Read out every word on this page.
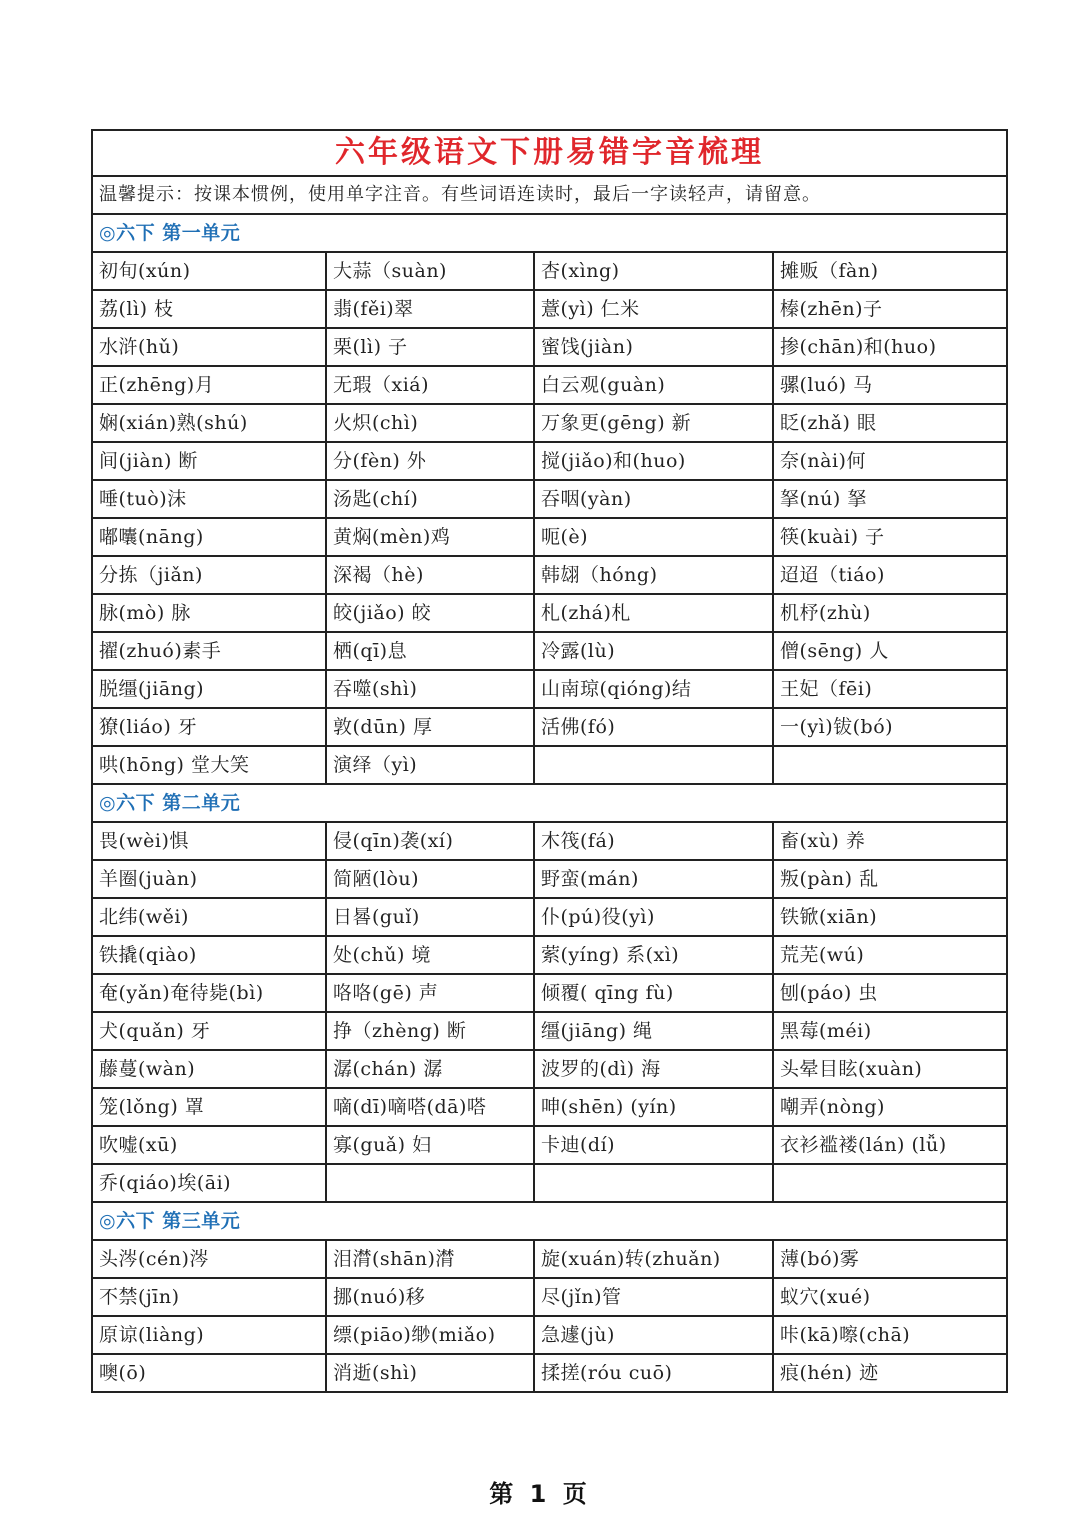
六年级语文下册易错字音梳理			
温馨提示：按课本惯例，使用单字注音。有些词语连读时，最后一字读轻声，请留意。			
◎六下 第一单元			
初旬(xún)	大蒜（suàn)	杏(xìng)	摊贩（fàn)
荔(lì) 枝	翡(fěi)翠	薏(yì) 仁米	榛(zhēn)子
水浒(hǔ)	栗(lì) 子	蜜饯(jiàn)	掺(chān)和(huo)
正(zhēng)月	无瑕（xiá)	白云观(guàn)	骡(luó) 马
娴(xián)熟(shú)	火炽(chì)	万象更(gēng) 新	眨(zhǎ) 眼
间(jiàn) 断	分(fèn) 外	搅(jiǎo)和(huo)	奈(nài)何
唾(tuò)沫	汤匙(chí)	吞咽(yàn)	拏(nú) 拏
嘟囔(nāng)	黄焖(mèn)鸡	呃(è)	筷(kuài) 子
分拣（jiǎn)	深褐（hè)	韩翃（hóng)	迢迢（tiáo)
脉(mò) 脉	皎(jiǎo) 皎	札(zhá)札	机杼(zhù)
擢(zhuó)素手	栖(qī)息	冷露(lù)	僧(sēng) 人
脱缰(jiāng)	吞噬(shì)	山南琼(qióng)结	王妃（fēi)
獠(liáo) 牙	敦(dūn) 厚	活佛(fó)	一(yì)钹(bó)
哄(hōng) 堂大笑	演绎（yì)		
◎六下 第二单元			
畏(wèi)惧	侵(qīn)袭(xí)	木筏(fá)	畜(xù) 养
羊圈(juàn)	简陋(lòu)	野蛮(mán)	叛(pàn) 乱
北纬(wěi)	日晷(guǐ)	仆(pú)役(yì)	铁锨(xiān)
铁撬(qiào)	处(chǔ) 境	萦(yíng) 系(xì)	荒芜(wú)
奄(yǎn)奄待毙(bì)	咯咯(gē) 声	倾覆( qīng fù)	刨(páo) 虫
犬(quǎn) 牙	挣（zhèng) 断	缰(jiāng) 绳	黑莓(méi)
藤蔓(wàn)	潺(chán) 潺	波罗的(dì) 海	头晕目眩(xuàn)
笼(lǒng) 罩	嘀(dī)嘀嗒(dā)嗒	呻(shēn) (yín)	嘲弄(nòng)
吹嘘(xū)	寡(guǎ) 妇	卡迪(dí)	衣衫褴褛(lán) (lǚ)
乔(qiáo)埃(āi)			
◎六下 第三单元			
头涔(cén)涔	泪潸(shān)潸	旋(xuán)转(zhuǎn)	薄(bó)雾
不禁(jīn)	挪(nuó)移	尽(jǐn)管	蚁穴(xué)
原谅(liàng)	缥(piāo)缈(miǎo)	急遽(jù)	咔(kā)嚓(chā)
噢(ō)	消逝(shì)	揉搓(róu cuō)	痕(hén) 迹
第 1 页
